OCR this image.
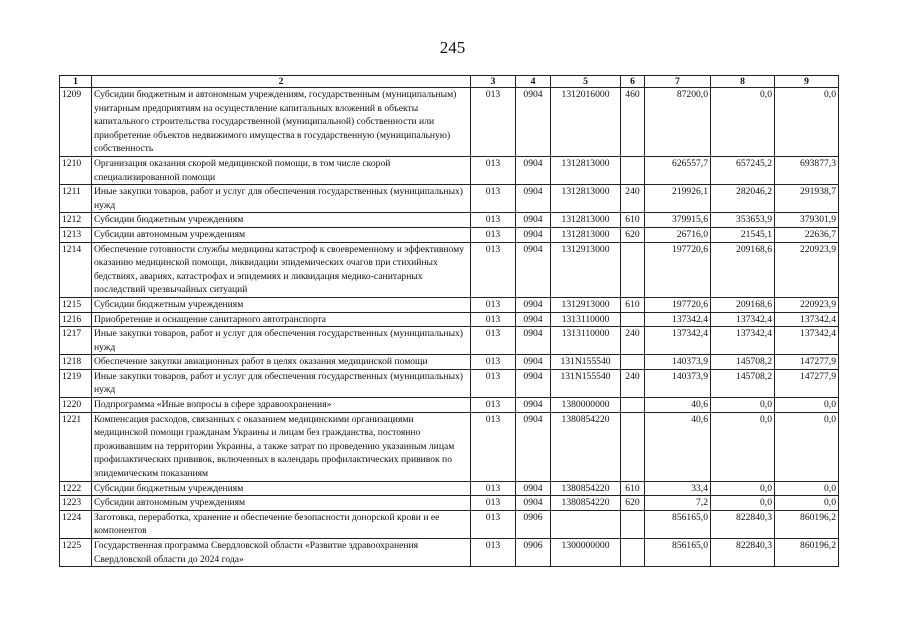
245
1	2	3	4	5	6	7	8	9
1209	Субсидии бюджетным и автономным учреждениям, государственным (муниципальным) унитарным предприятиям на осуществление капитальных вложений в объекты капитального строительства государственной (муниципальной) собственности или приобретение объектов недвижимого имущества в государственную (муниципальную) собственность	013	0904	1312016000	460	87200,0	0,0	0,0
1210	Организация оказания скорой медицинской помощи, в том числе скорой специализированной помощи	013	0904	1312813000		626557,7	657245,2	693877,3
1211	Иные закупки товаров, работ и услуг для обеспечения государственных (муниципальных) нужд	013	0904	1312813000	240	219926,1	282046,2	291938,7
1212	Субсидии бюджетным учреждениям	013	0904	1312813000	610	379915,6	353653,9	379301,9
1213	Субсидии автономным учреждениям	013	0904	1312813000	620	26716,0	21545,1	22636,7
1214	Обеспечение готовности службы медицины катастроф к своевременному и эффективному оказанию медицинской помощи, ликвидации эпидемических очагов при стихийных бедствиях, авариях, катастрофах и эпидемиях и ликвидация медико-санитарных последствий чрезвычайных ситуаций	013	0904	1312913000		197720,6	209168,6	220923,9
1215	Субсидии бюджетным учреждениям	013	0904	1312913000	610	197720,6	209168,6	220923,9
1216	Приобретение и оснащение санитарного автотранспорта	013	0904	1313110000		137342,4	137342,4	137342,4
1217	Иные закупки товаров, работ и услуг для обеспечения государственных (муниципальных) нужд	013	0904	1313110000	240	137342,4	137342,4	137342,4
1218	Обеспечение закупки авиационных работ в целях оказания медицинской помощи	013	0904	131N155540		140373,9	145708,2	147277,9
1219	Иные закупки товаров, работ и услуг для обеспечения государственных (муниципальных) нужд	013	0904	131N155540	240	140373,9	145708,2	147277,9
1220	Подпрограмма «Иные вопросы в сфере здравоохранения»	013	0904	1380000000		40,6	0,0	0,0
1221	Компенсация расходов, связанных с оказанием медицинскими организациями медицинской помощи гражданам Украины и лицам без гражданства, постоянно проживавшим на территории Украины, а также затрат по проведению указанным лицам профилактических прививок, включенных в календарь профилактических прививок по эпидемическим показаниям	013	0904	1380854220		40,6	0,0	0,0
1222	Субсидии бюджетным учреждениям	013	0904	1380854220	610	33,4	0,0	0,0
1223	Субсидии автономным учреждениям	013	0904	1380854220	620	7,2	0,0	0,0
1224	Заготовка, переработка, хранение и обеспечение безопасности донорской крови и ее компонентов	013	0906			856165,0	822840,3	860196,2
1225	Государственная программа Свердловской области «Развитие здравоохранения Свердловской области до 2024 года»	013	0906	1300000000		856165,0	822840,3	860196,2
